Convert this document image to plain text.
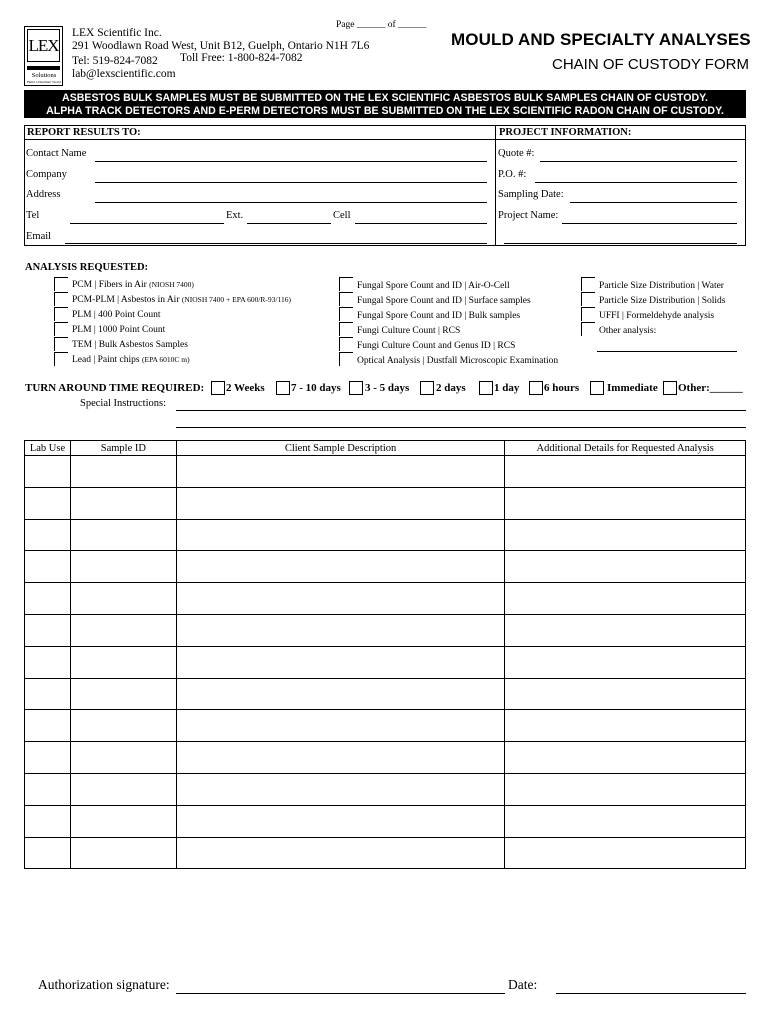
LEX
Solutions
Build a Healthier World
Page ______ of ______
LEX Scientific Inc.
291 Woodlawn Road West, Unit B12, Guelph, Ontario N1H 7L6
Toll Free: 1-800-824-7082
Tel: 519-824-7082
lab@lexscientific.com
MOULD AND SPECIALTY ANALYSES
CHAIN OF CUSTODY FORM
ASBESTOS BULK SAMPLES MUST BE SUBMITTED ON THE LEX SCIENTIFIC ASBESTOS BULK SAMPLES CHAIN OF CUSTODY.
ALPHA TRACK DETECTORS AND E-PERM DETECTORS MUST BE SUBMITTED ON THE LEX SCIENTIFIC RADON CHAIN OF CUSTODY.
REPORT RESULTS TO:	PROJECT INFORMATION:
Contact Name
Company
Address
Tel	Ext.	Cell
Email
Quote #:
P.O. #:
Sampling Date:
Project Name:
ANALYSIS REQUESTED:
PCM | Fibers in Air (NIOSH 7400)
PCM-PLM | Asbestos in Air (NIOSH 7400 + EPA 600/R-93/116)
PLM | 400 Point Count
PLM | 1000 Point Count
TEM | Bulk Asbestos Samples
Lead | Paint chips (EPA 6010C m)
Fungal Spore Count and ID | Air-O-Cell
Fungal Spore Count and ID | Surface samples
Fungal Spore Count and ID | Bulk samples
Fungi Culture Count | RCS
Fungi Culture Count and Genus ID | RCS
Optical Analysis | Dustfall Microscopic Examination
Particle Size Distribution | Water
Particle Size Distribution | Solids
UFFI | Formeldehyde analysis
Other analysis:
TURN AROUND TIME REQUIRED: 2 Weeks 7 - 10 days 3 - 5 days 2 days	1 day 6 hours	Immediate Other:______
Special Instructions:
Lab Use	Sample ID	Client Sample Description	Additional Details for Requested Analysis

Authorization signature:	Date:
